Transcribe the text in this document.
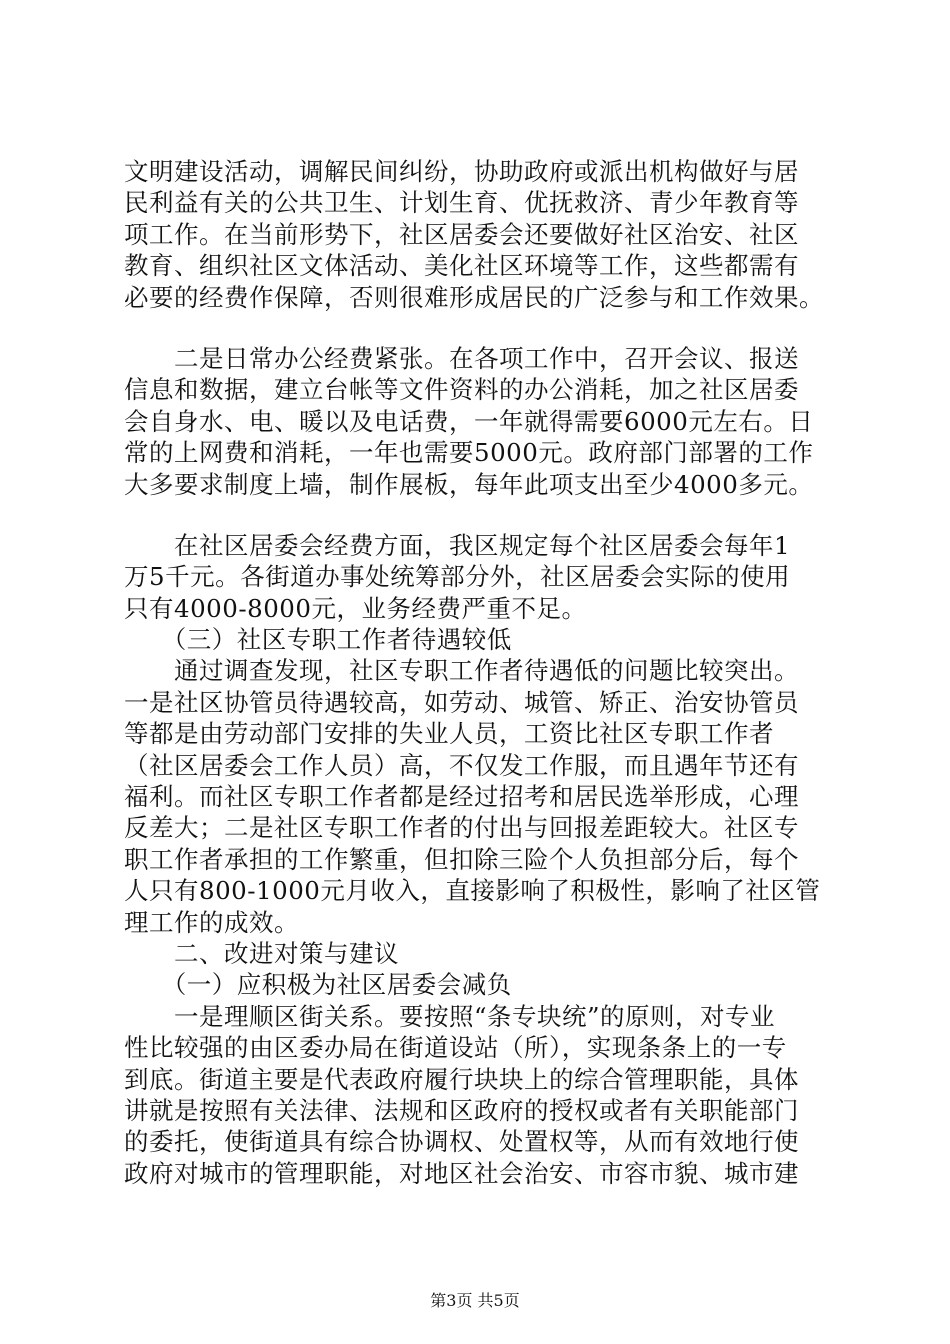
文明建设活动，调解民间纠纷，协助政府或派出机构做好与居
民利益有关的公共卫生、计划生育、优抚救济、青少年教育等
项工作。在当前形势下，社区居委会还要做好社区治安、社区
教育、组织社区文体活动、美化社区环境等工作，这些都需有
必要的经费作保障，否则很难形成居民的广泛参与和工作效果。
　　二是日常办公经费紧张。在各项工作中，召开会议、报送
信息和数据，建立台帐等文件资料的办公消耗，加之社区居委
会自身水、电、暖以及电话费，一年就得需要6000元左右。日
常的上网费和消耗，一年也需要5000元。政府部门部署的工作
大多要求制度上墙，制作展板，每年此项支出至少4000多元。
　　在社区居委会经费方面，我区规定每个社区居委会每年1
万5千元。各街道办事处统筹部分外，社区居委会实际的使用
只有4000-8000元，业务经费严重不足。
　　（三）社区专职工作者待遇较低
　　通过调查发现，社区专职工作者待遇低的问题比较突出。
一是社区协管员待遇较高，如劳动、城管、矫正、治安协管员
等都是由劳动部门安排的失业人员，工资比社区专职工作者
（社区居委会工作人员）高，不仅发工作服，而且遇年节还有
福利。而社区专职工作者都是经过招考和居民选举形成，心理
反差大；二是社区专职工作者的付出与回报差距较大。社区专
职工作者承担的工作繁重，但扣除三险个人负担部分后，每个
人只有800-1000元月收入，直接影响了积极性，影响了社区管
理工作的成效。
　　二、改进对策与建议
　　（一）应积极为社区居委会减负
　　一是理顺区街关系。要按照“条专块统”的原则，对专业
性比较强的由区委办局在街道设站（所），实现条条上的一专
到底。街道主要是代表政府履行块块上的综合管理职能，具体
讲就是按照有关法律、法规和区政府的授权或者有关职能部门
的委托，使街道具有综合协调权、处置权等，从而有效地行使
政府对城市的管理职能，对地区社会治安、市容市貌、城市建
第3页 共5页
